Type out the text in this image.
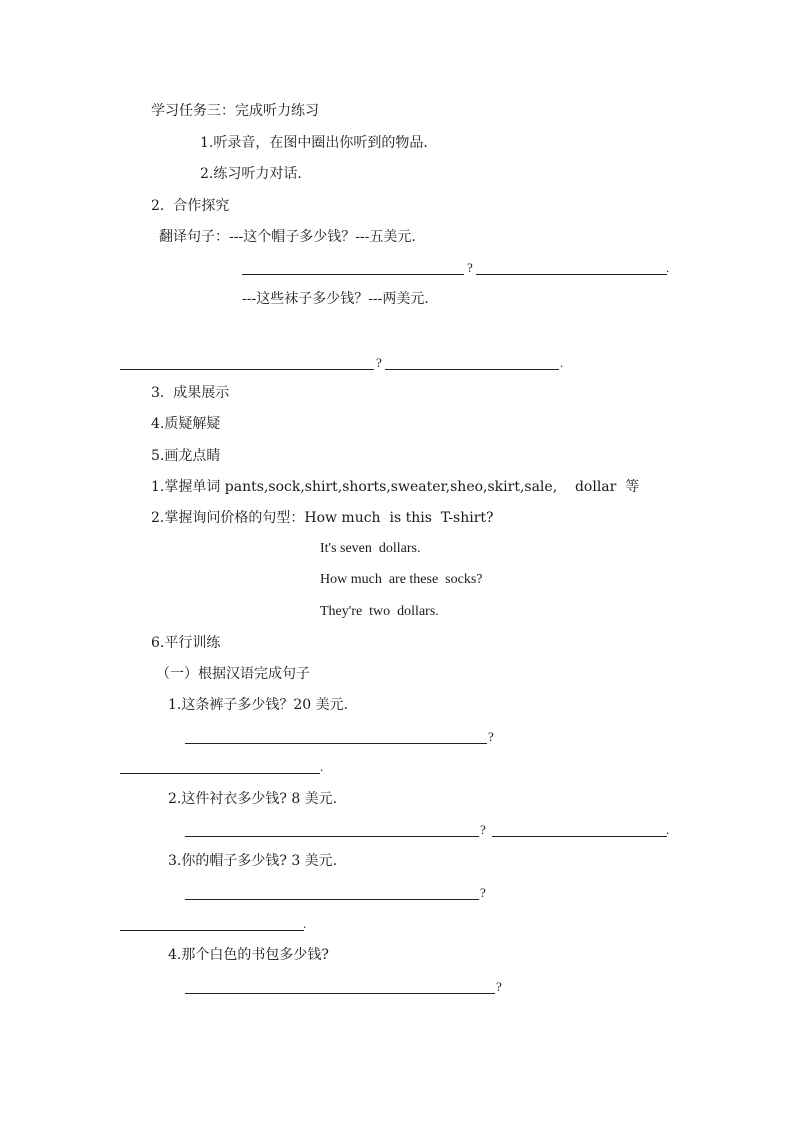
学习任务三：完成听力练习
1.听录音，在图中圈出你听到的物品.
2.练习听力对话.
2.  合作探究
翻译句子：---这个帽子多少钱？---五美元.
?	.
---这些袜子多少钱？---两美元.
?	.
3.  成果展示
4.质疑解疑
5.画龙点睛
1.掌握单词 pants,sock,shirt,shorts,sweater,sheo,skirt,sale,    dollar  等
2.掌握询问价格的句型：How much  is this  T-shirt?
It's seven  dollars.
How much  are these  socks?
They're  two  dollars.
6.平行训练
（一）根据汉语完成句子
1.这条裤子多少钱？20 美元.
?
.
2.这件衬衣多少钱? 8 美元.
?	.
3.你的帽子多少钱? 3 美元.
?
.
4.那个白色的书包多少钱?
?
